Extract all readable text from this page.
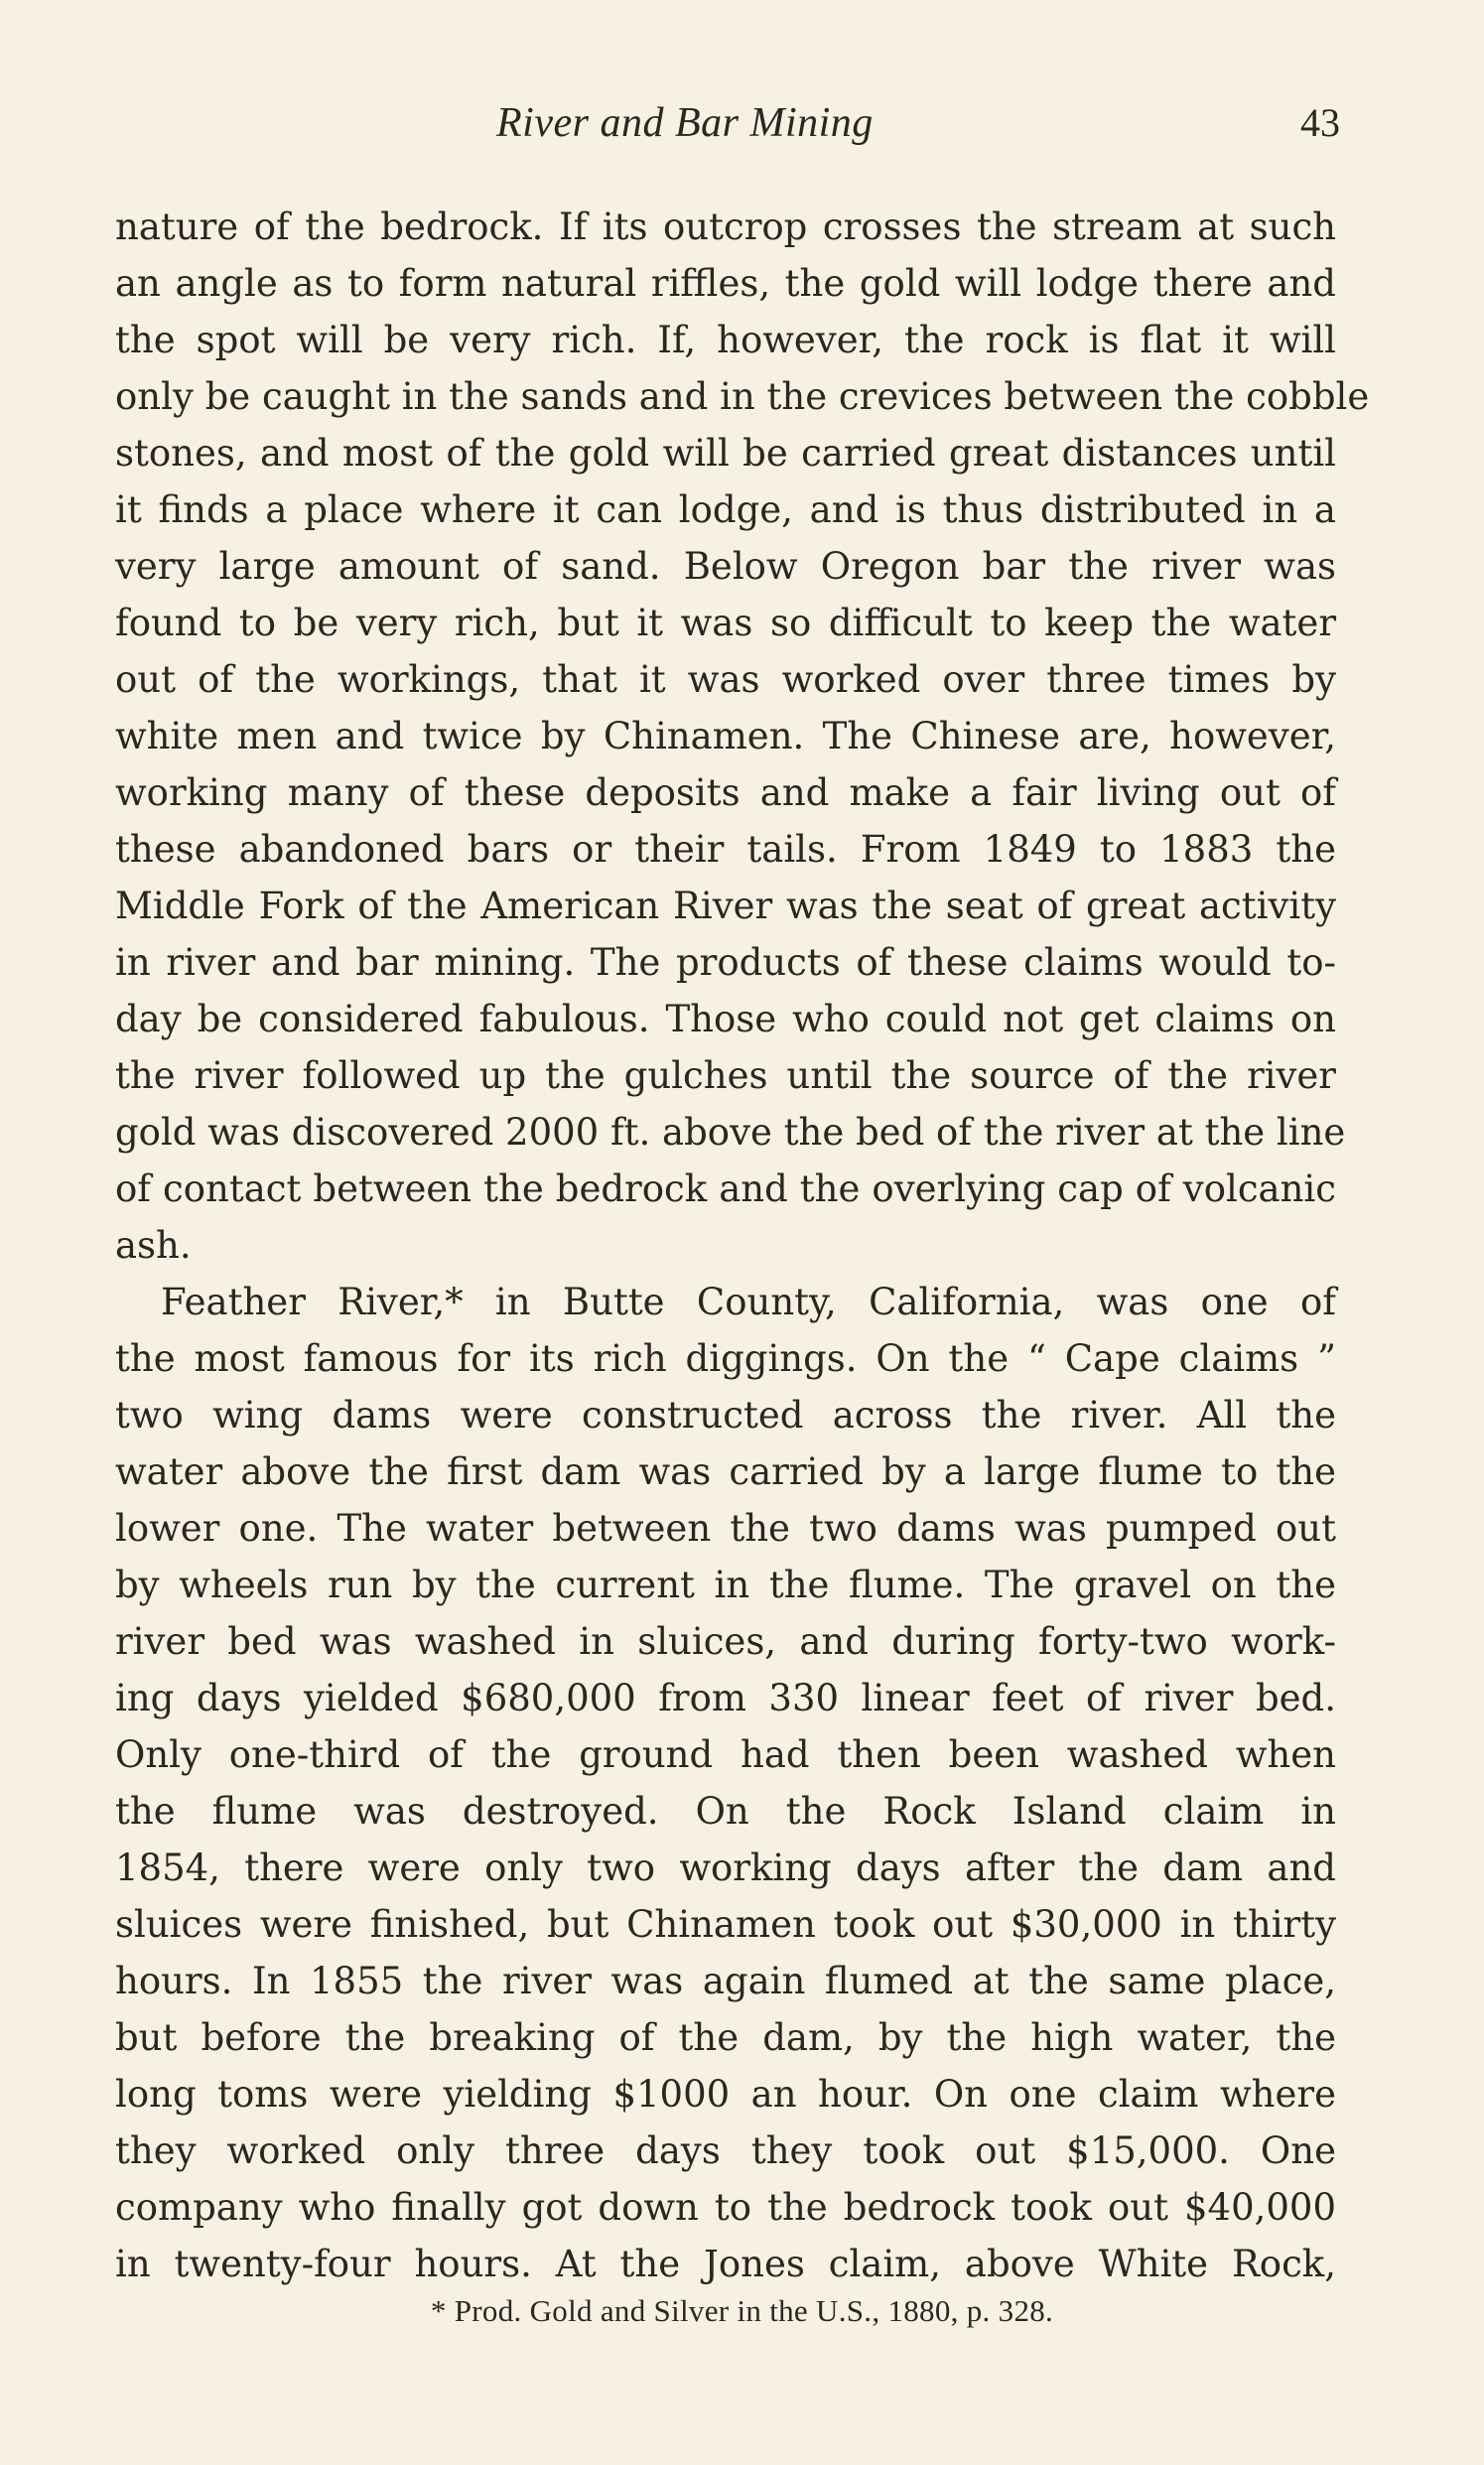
River and Bar Mining	43
nature of the bedrock. If its outcrop crosses the stream at such
an angle as to form natural riffles, the gold will lodge there and
the spot will be very rich. If, however, the rock is flat it will
only be caught in the sands and in the crevices between the cobble
stones, and most of the gold will be carried great distances until
it finds a place where it can lodge, and is thus distributed in a
very large amount of sand. Below Oregon bar the river was
found to be very rich, but it was so difficult to keep the water
out of the workings, that it was worked over three times by
white men and twice by Chinamen. The Chinese are, however,
working many of these deposits and make a fair living out of
these abandoned bars or their tails. From 1849 to 1883 the
Middle Fork of the American River was the seat of great activity
in river and bar mining. The products of these claims would to-
day be considered fabulous. Those who could not get claims on
the river followed up the gulches until the source of the river
gold was discovered 2000 ft. above the bed of the river at the line
of contact between the bedrock and the overlying cap of volcanic
ash.
Feather River,* in Butte County, California, was one of
the most famous for its rich diggings. On the “ Cape claims ”
two wing dams were constructed across the river. All the
water above the first dam was carried by a large flume to the
lower one. The water between the two dams was pumped out
by wheels run by the current in the flume. The gravel on the
river bed was washed in sluices, and during forty-two work-
ing days yielded $680,000 from 330 linear feet of river bed.
Only one-third of the ground had then been washed when
the flume was destroyed. On the Rock Island claim in
1854, there were only two working days after the dam and
sluices were finished, but Chinamen took out $30,000 in thirty
hours. In 1855 the river was again flumed at the same place,
but before the breaking of the dam, by the high water, the
long toms were yielding $1000 an hour. On one claim where
they worked only three days they took out $15,000. One
company who finally got down to the bedrock took out $40,000
in twenty-four hours. At the Jones claim, above White Rock,
* Prod. Gold and Silver in the U.S., 1880, p. 328.
